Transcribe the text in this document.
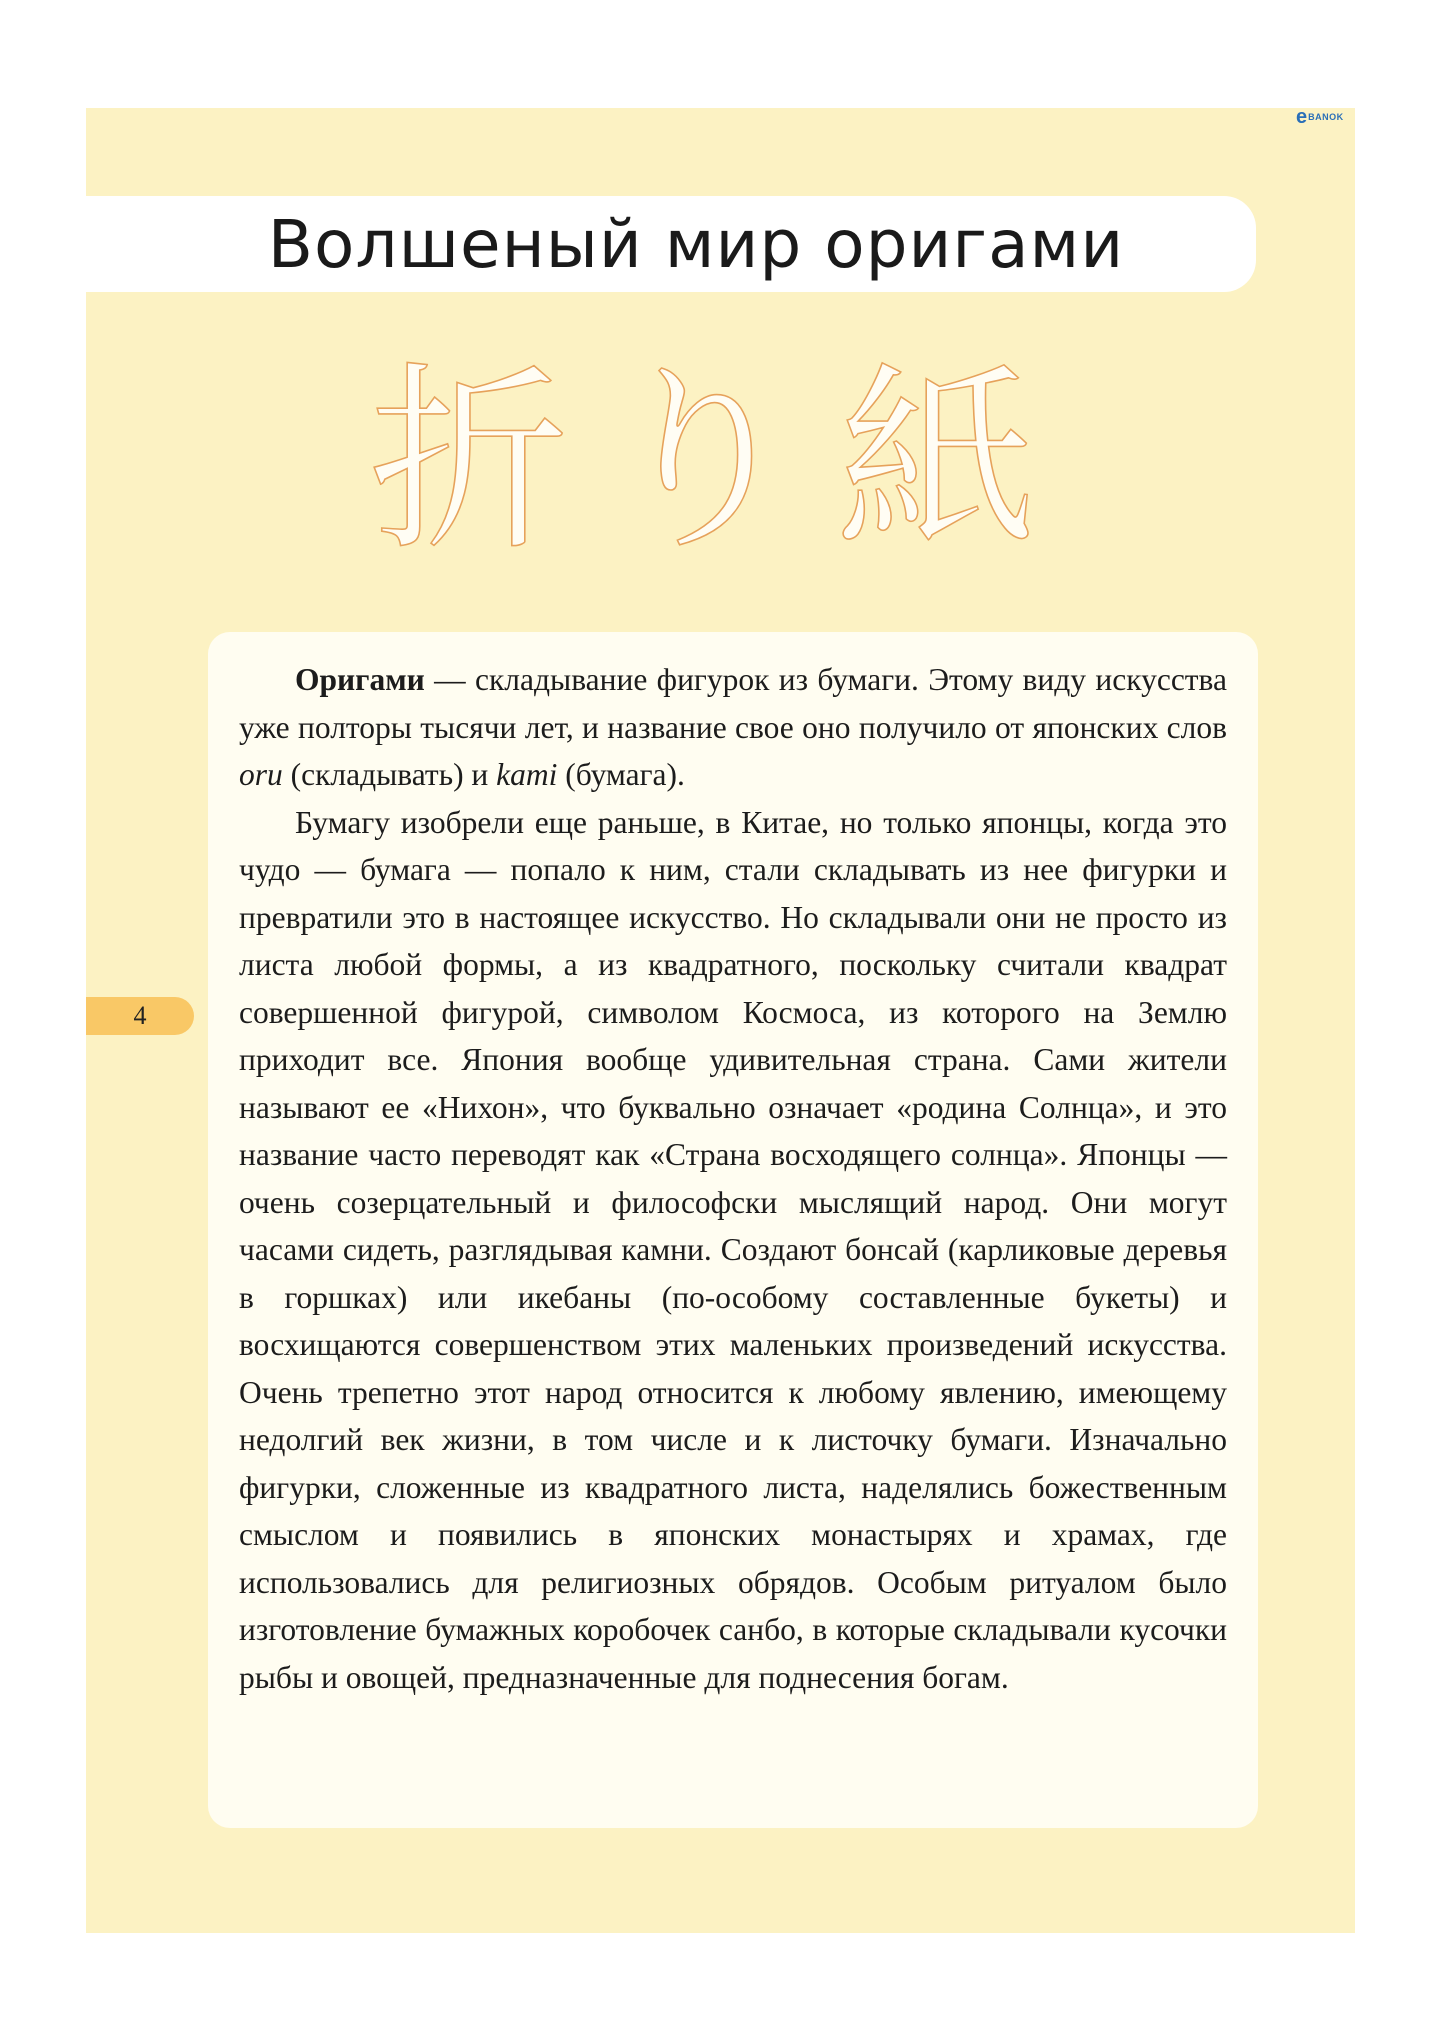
e BANOK
Волшеный мир оригами
折り紙

Оригами — складывание фигурок из бумаги. Этому виду искусства уже полторы тысячи лет, и название свое оно получило от японских слов oru (складывать) и kami (бумага).

Бумагу изобрели еще раньше, в Китае, но только японцы, когда это чудо — бумага — попало к ним, стали складывать из нее фигурки и превратили это в настоящее искусство. Но складывали они не просто из листа любой формы, а из квадратного, поскольку считали квадрат совершенной фигурой, символом Космоса, из которого на Землю приходит все. Япония вообще удивительная страна. Сами жители называют ее «Нихон», что буквально означает «родина Солнца», и это название часто переводят как «Страна восходящего солнца». Японцы — очень созерцательный и философски мыслящий народ. Они могут часами сидеть, разглядывая камни. Создают бонсай (карликовые деревья в горшках) или икебаны (по-особому составленные букеты) и восхищаются совершенством этих маленьких произведений искусства. Очень трепетно этот народ относится к любому явлению, имеющему недолгий век жизни, в том числе и к листочку бумаги. Изначально фигурки, сложенные из квадратного листа, наделялись божественным смыслом и появились в японских монастырях и храмах, где использовались для религиозных обрядов. Особым ритуалом было изготовление бумажных коробочек санбо, в которые складывали кусочки рыбы и овощей, предназначенные для поднесения богам.

4
